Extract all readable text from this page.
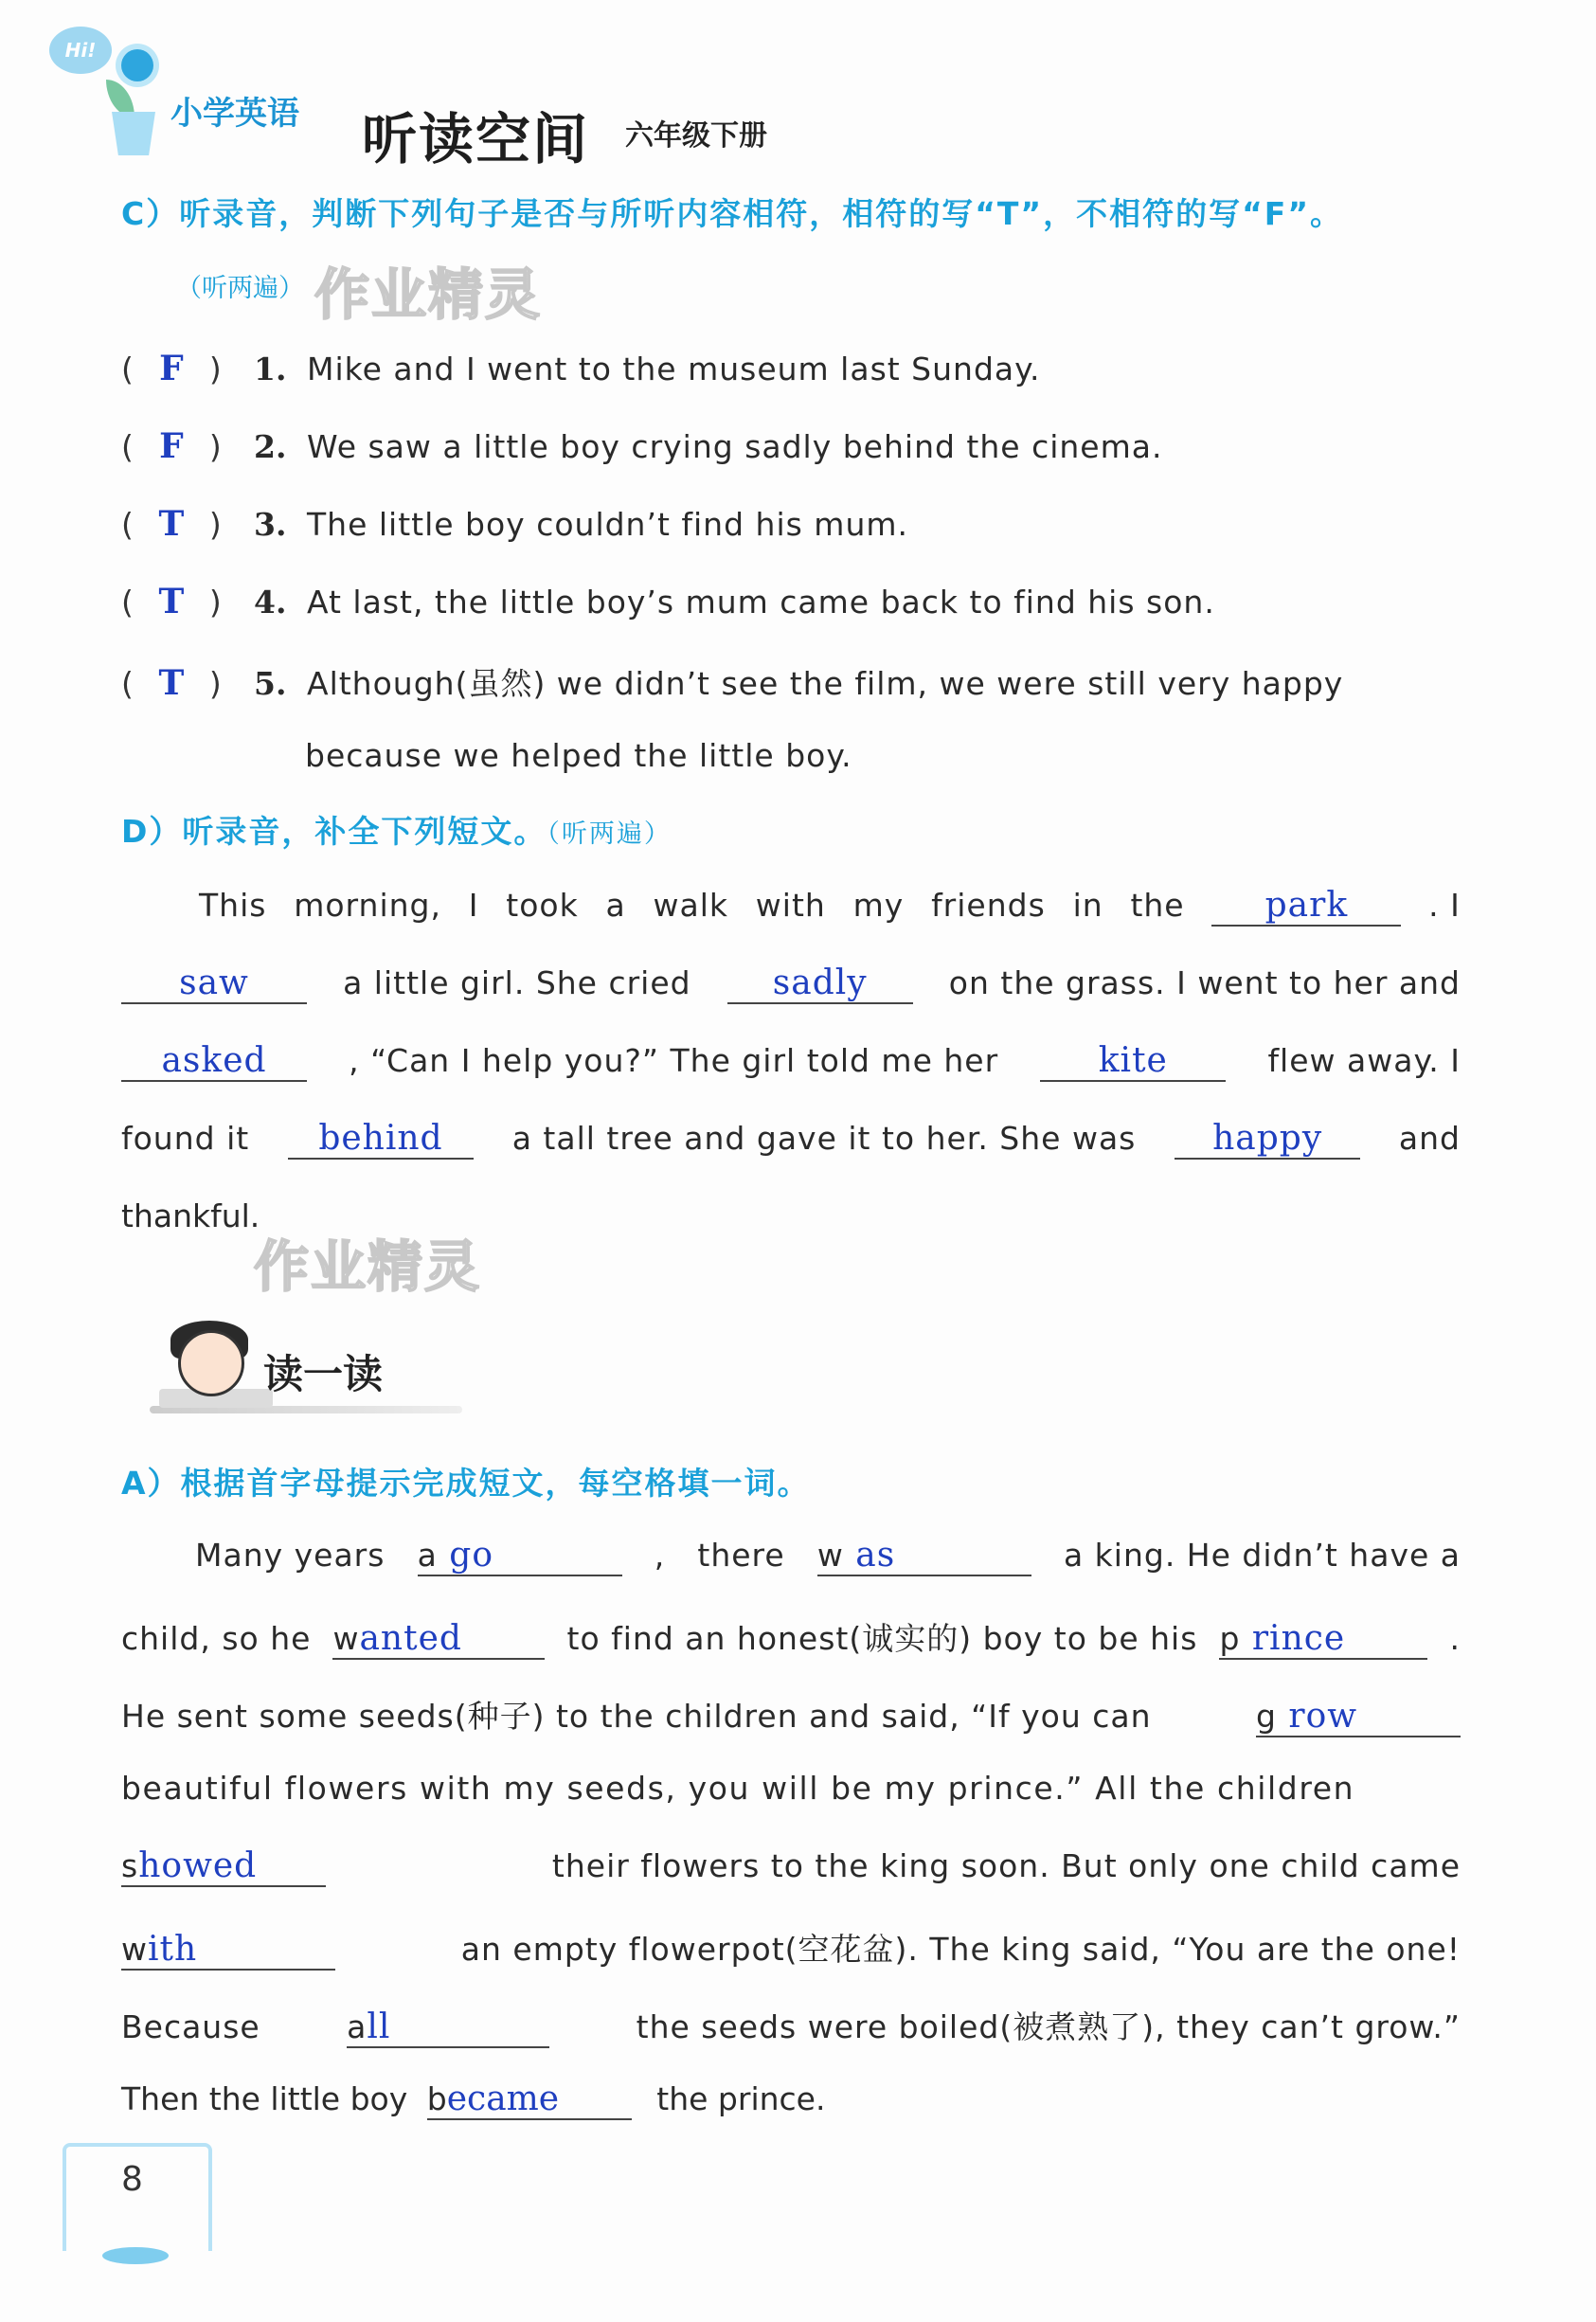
Hi!
小学英语 听读空间 六年级下册
C）听录音，判断下列句子是否与所听内容相符，相符的写“T”，不相符的写“F”。
（听两遍） 作业精灵
( F ) 1. Mike and I went to the museum last Sunday.
( F ) 2. We saw a little boy crying sadly behind the cinema.
( T ) 3. The little boy couldn’t find his mum.
( T ) 4. At last, the little boy’s mum came back to find his son.
( T ) 5. Although(虽然) we didn’t see the film, we were still very happy
because we helped the little boy.
D）听录音，补全下列短文。（听两遍）
This morning, I took a walk with my friends in the	park	. I
saw	a little girl. She cried	sadly	on the grass. I went to her and
asked	, “Can I help you?” The girl told me her	kite	flew away. I
found it	behind	a tall tree and gave it to her. She was	happy	and
thankful.
作业精灵
读一读
A）根据首字母提示完成短文，每空格填一词。
Many years a go	, there w as	a king. He didn’t have a
child, so he wanted	to find an honest(诚实的) boy to be his p rince	.
He sent some seeds(种子) to the children and said, “If you can	g row
beautiful flowers with my seeds, you will be my prince.” All the children
showed	their flowers to the king soon. But only one child came
with	an empty flowerpot(空花盆). The king said, “You are the one!
Because	all	the seeds were boiled(被煮熟了), they can’t grow.”
Then the little boy became	the prince.
8
